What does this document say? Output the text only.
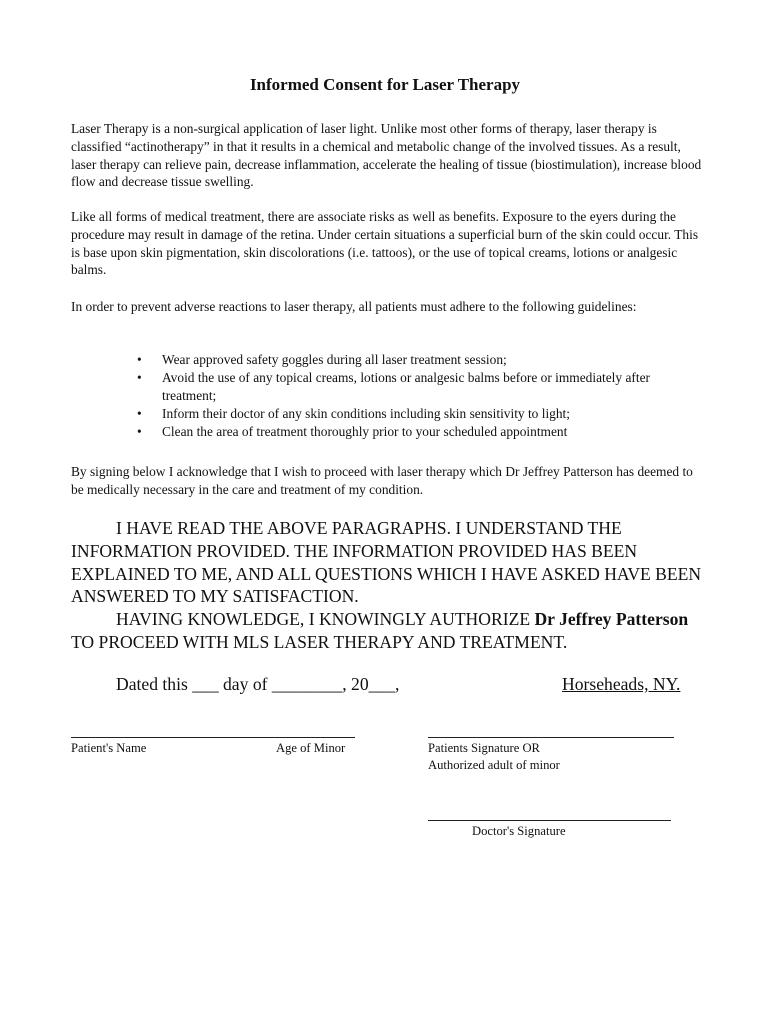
Informed Consent for Laser Therapy

Laser Therapy is a non-surgical application of laser light. Unlike most other forms of therapy, laser therapy is classified “actinotherapy” in that it results in a chemical and metabolic change of the involved tissues. As a result, laser therapy can relieve pain, decrease inflammation, accelerate the healing of tissue (biostimulation), increase blood flow and decrease tissue swelling.

Like all forms of medical treatment, there are associate risks as well as benefits. Exposure to the eyers during the procedure may result in damage of the retina. Under certain situations a superficial burn of the skin could occur. This is base upon skin pigmentation, skin discolorations (i.e. tattoos), or the use of topical creams, lotions or analgesic balms.

In order to prevent adverse reactions to laser therapy, all patients must adhere to the following guidelines:

• Wear approved safety goggles during all laser treatment session;
• Avoid the use of any topical creams, lotions or analgesic balms before or immediately after treatment;
• Inform their doctor of any skin conditions including skin sensitivity to light;
• Clean the area of treatment thoroughly prior to your scheduled appointment

By signing below I acknowledge that I wish to proceed with laser therapy which Dr Jeffrey Patterson has deemed to be medically necessary in the care and treatment of my condition.

I HAVE READ THE ABOVE PARAGRAPHS. I UNDERSTAND THE INFORMATION PROVIDED. THE INFORMATION PROVIDED HAS BEEN EXPLAINED TO ME, AND ALL QUESTIONS WHICH I HAVE ASKED HAVE BEEN ANSWERED TO MY SATISFACTION.
HAVING KNOWLEDGE, I KNOWINGLY AUTHORIZE Dr Jeffrey Patterson TO PROCEED WITH MLS LASER THERAPY AND TREATMENT.
Dated this ___ day of ________, 20___,	Horseheads, NY.
Patient's Name	Age of Minor	Patients Signature OR
Authorized adult of minor
Doctor's Signature
